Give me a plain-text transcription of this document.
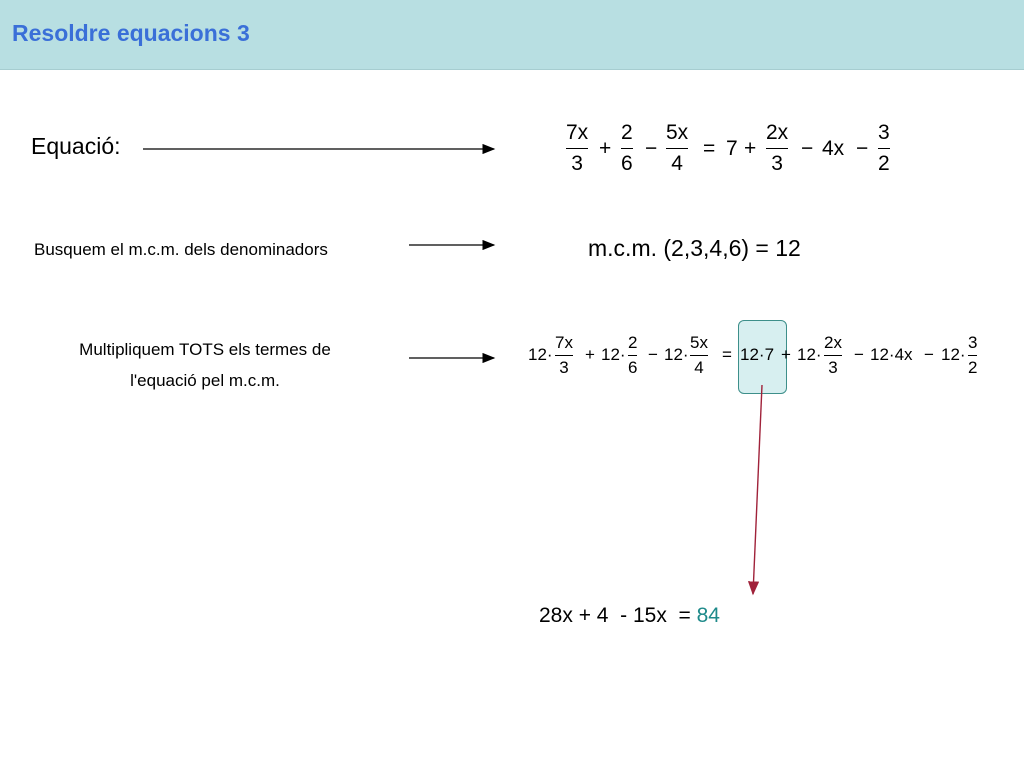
Resoldre equacions 3
Equació:
Busquem el m.c.m. dels denominadors
Multipliquem TOTS els termes de
l'equació pel m.c.m.
7x
3
+
2
6
−
5x
4
= 7 +
2x
3
− 4x −
3
2
m.c.m. (2,3,4,6) = 12
12·
7x
3
+ 12·
2
6
− 12·
5x
4
= 12·7 + 12·
2x
3
− 12·4x − 12·
3
2
28x + 4  - 15x  = 84
